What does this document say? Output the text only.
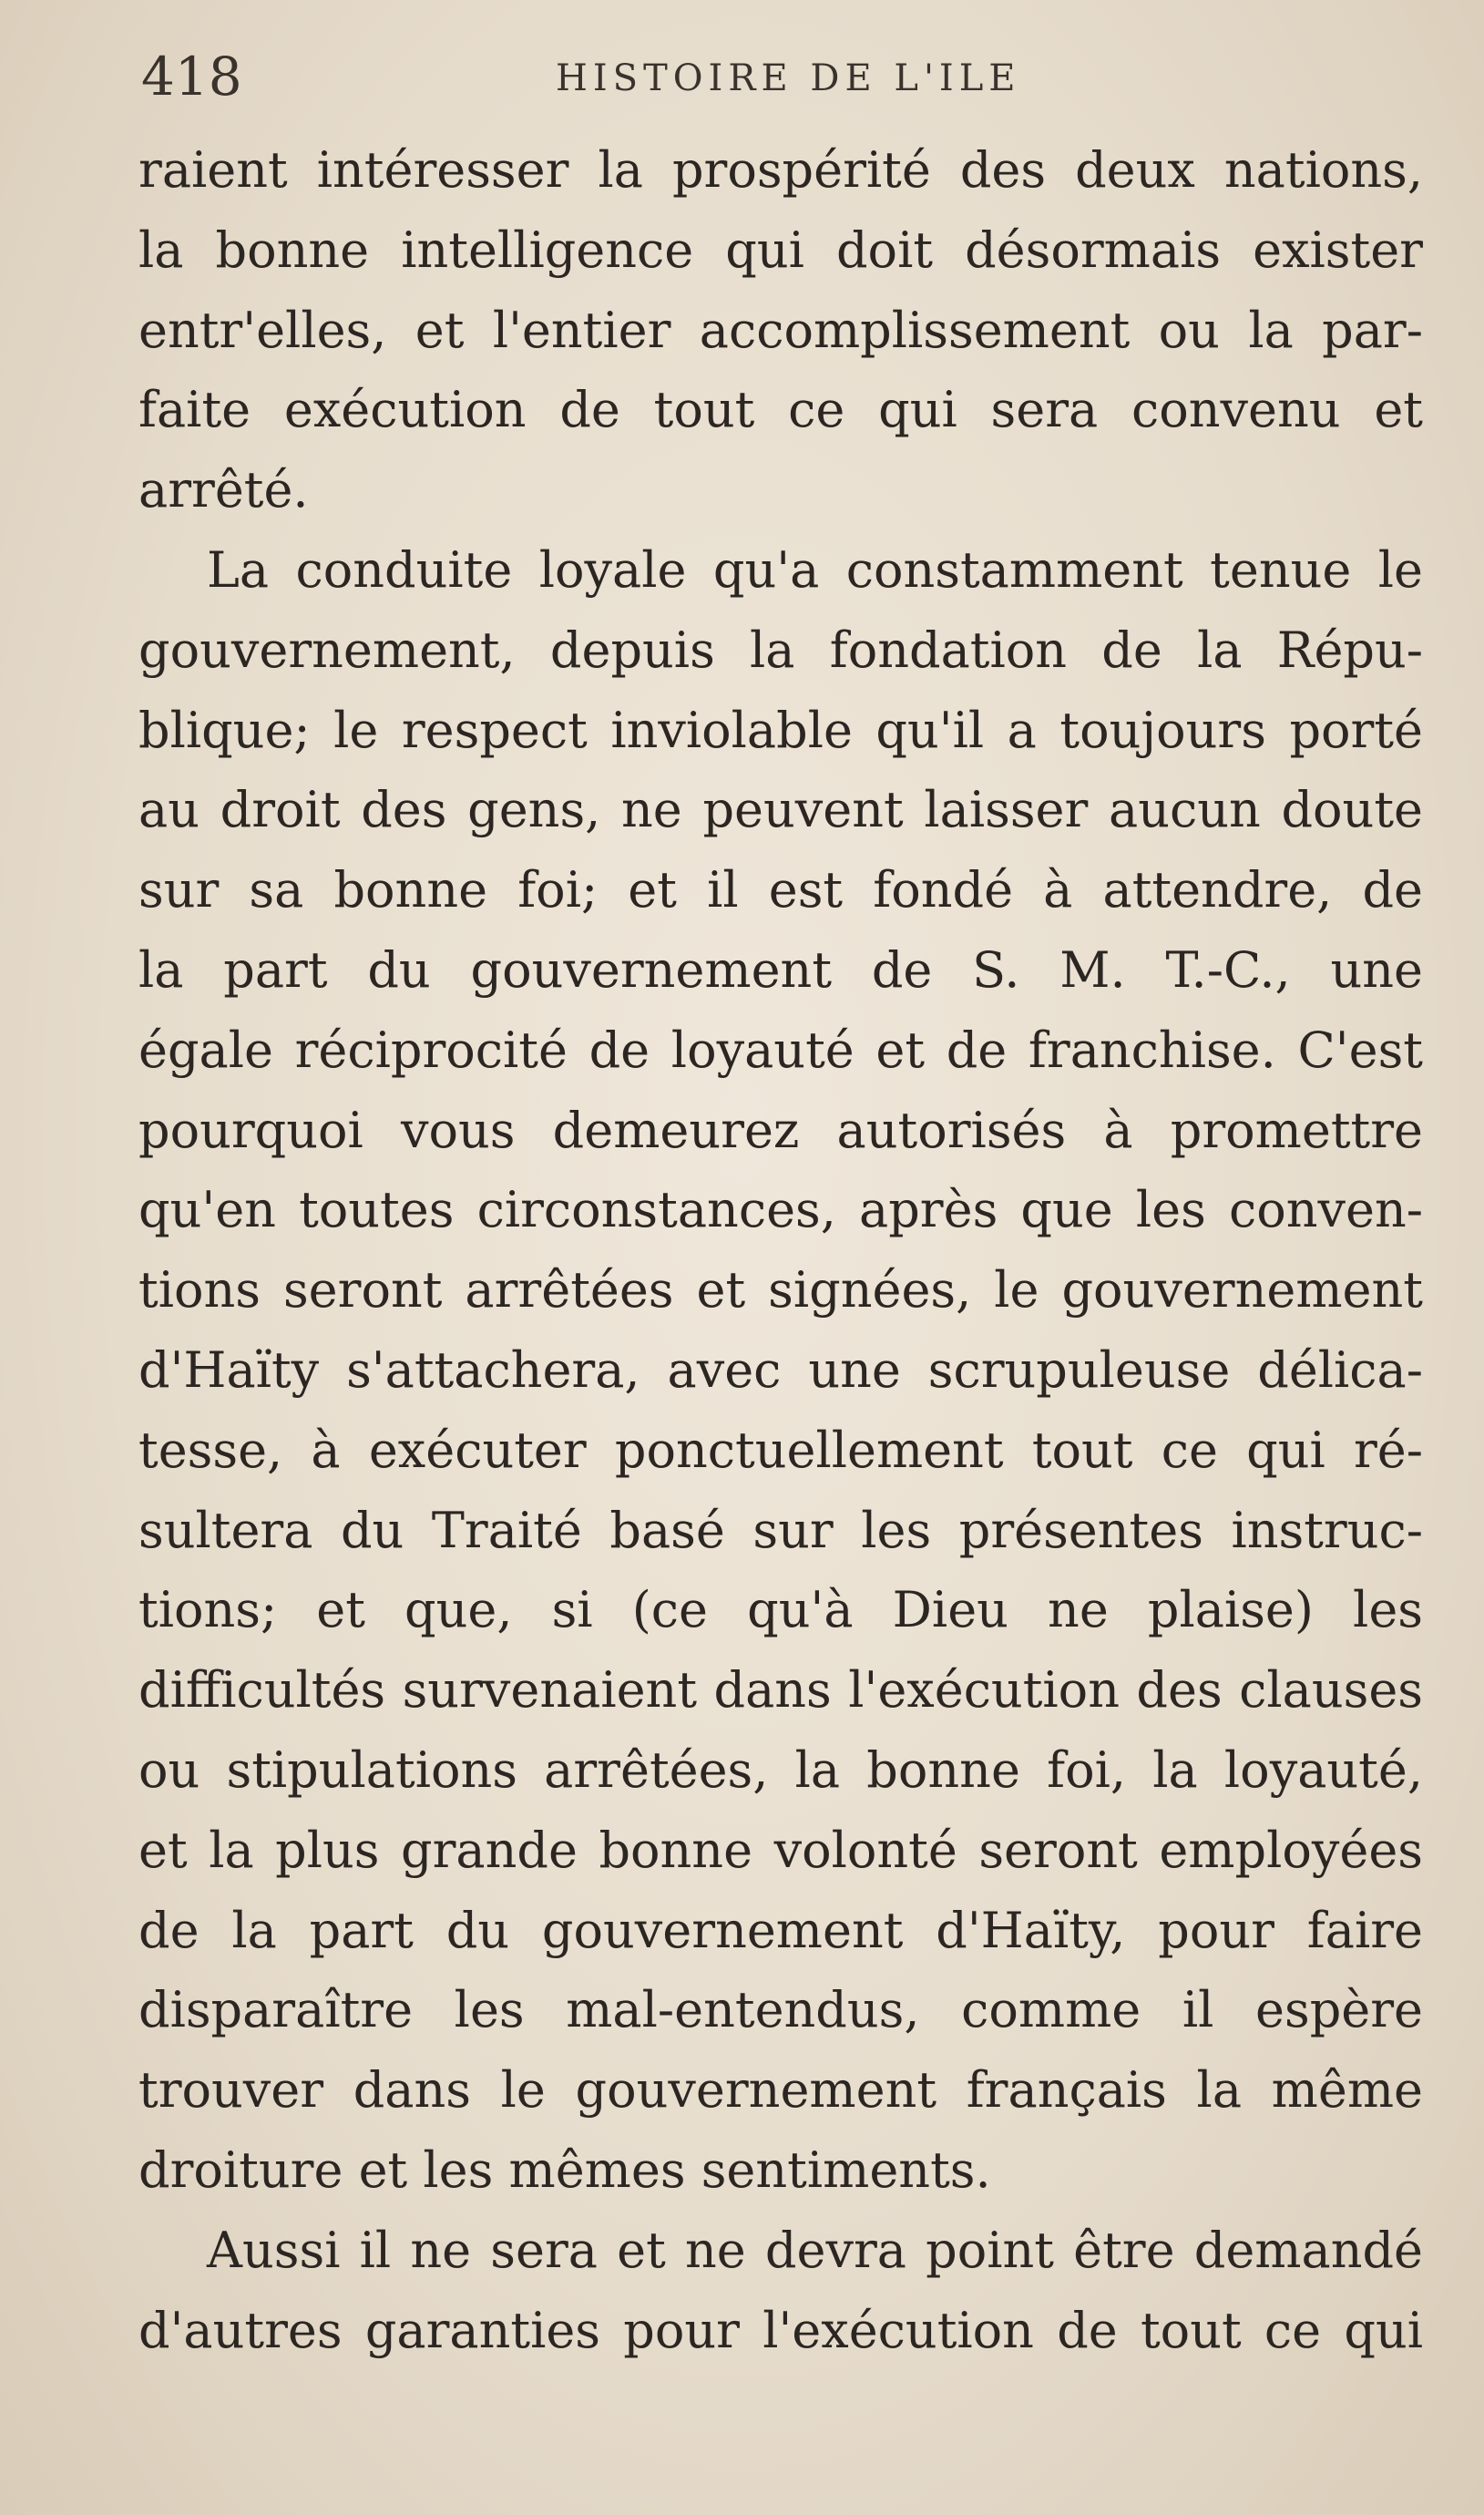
418	HISTOIRE DE L'ILE

raient intéresser la prospérité des deux nations,
la bonne intelligence qui doit désormais exister
entr'elles, et l'entier accomplissement ou la par-
faite exécution de tout ce qui sera convenu et
arrêté.

La conduite loyale qu'a constamment tenue le
gouvernement, depuis la fondation de la Répu-
blique; le respect inviolable qu'il a toujours porté
au droit des gens, ne peuvent laisser aucun doute
sur sa bonne foi; et il est fondé à attendre, de
la part du gouvernement de S. M. T.-C., une
égale réciprocité de loyauté et de franchise. C'est
pourquoi vous demeurez autorisés à promettre
qu'en toutes circonstances, après que les conven-
tions seront arrêtées et signées, le gouvernement
d'Haïty s'attachera, avec une scrupuleuse délica-
tesse, à exécuter ponctuellement tout ce qui ré-
sultera du Traité basé sur les présentes instruc-
tions; et que, si (ce qu'à Dieu ne plaise) les
difficultés survenaient dans l'exécution des clauses
ou stipulations arrêtées, la bonne foi, la loyauté,
et la plus grande bonne volonté seront employées
de la part du gouvernement d'Haïty, pour faire
disparaître les mal-entendus, comme il espère
trouver dans le gouvernement français la même
droiture et les mêmes sentiments.

Aussi il ne sera et ne devra point être demandé
d'autres garanties pour l'exécution de tout ce qui
